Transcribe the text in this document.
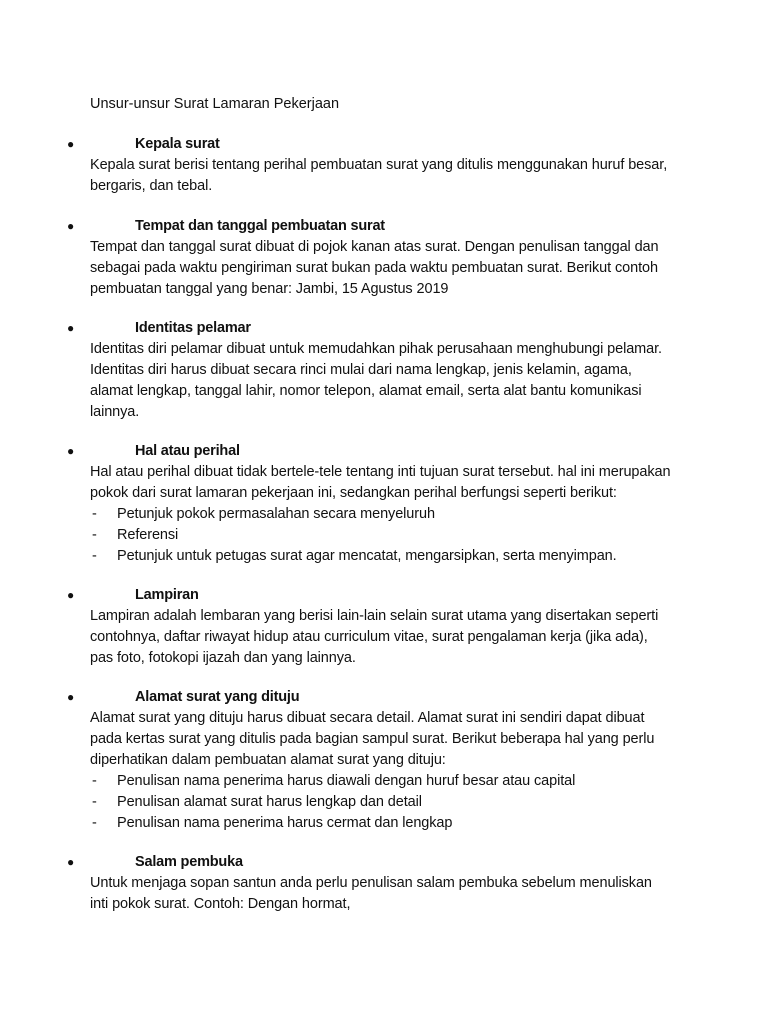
Unsur-unsur Surat Lamaran Pekerjaan
●	Kepala surat
Kepala surat berisi tentang perihal pembuatan surat yang ditulis menggunakan huruf besar,
bergaris, dan tebal.
●	Tempat dan tanggal pembuatan surat
Tempat dan tanggal surat dibuat di pojok kanan atas surat. Dengan penulisan tanggal dan
sebagai pada waktu pengiriman surat bukan pada waktu pembuatan surat. Berikut contoh
pembuatan tanggal yang benar: Jambi, 15 Agustus 2019
●	Identitas pelamar
Identitas diri pelamar dibuat untuk memudahkan pihak perusahaan menghubungi pelamar.
Identitas diri harus dibuat secara rinci mulai dari nama lengkap, jenis kelamin, agama,
alamat lengkap, tanggal lahir, nomor telepon, alamat email, serta alat bantu komunikasi
lainnya.
●	Hal atau perihal
Hal atau perihal dibuat tidak bertele-tele tentang inti tujuan surat tersebut. hal ini merupakan
pokok dari surat lamaran pekerjaan ini, sedangkan perihal berfungsi seperti berikut:
- Petunjuk pokok permasalahan secara menyeluruh
- Referensi
- Petunjuk untuk petugas surat agar mencatat, mengarsipkan, serta menyimpan.
●	Lampiran
Lampiran adalah lembaran yang berisi lain-lain selain surat utama yang disertakan seperti
contohnya, daftar riwayat hidup atau curriculum vitae, surat pengalaman kerja (jika ada),
pas foto, fotokopi ijazah dan yang lainnya.
●	Alamat surat yang dituju
Alamat surat yang dituju harus dibuat secara detail. Alamat surat ini sendiri dapat dibuat
pada kertas surat yang ditulis pada bagian sampul surat. Berikut beberapa hal yang perlu
diperhatikan dalam pembuatan alamat surat yang dituju:
- Penulisan nama penerima harus diawali dengan huruf besar atau capital
- Penulisan alamat surat harus lengkap dan detail
- Penulisan nama penerima harus cermat dan lengkap
●	Salam pembuka
Untuk menjaga sopan santun anda perlu penulisan salam pembuka sebelum menuliskan
inti pokok surat. Contoh: Dengan hormat,
